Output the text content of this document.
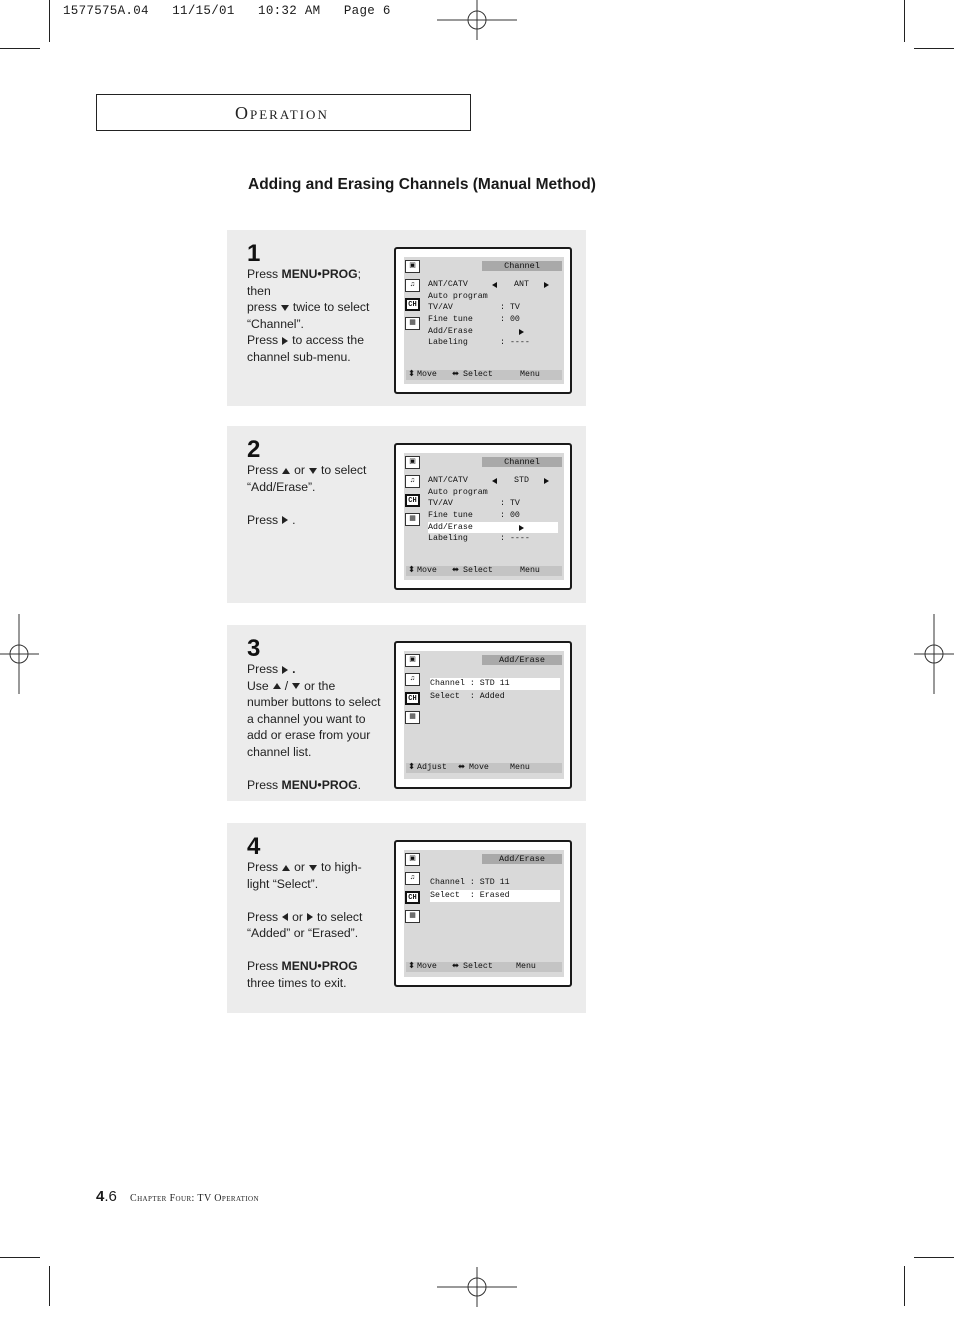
1577575A.04   11/15/01   10:32 AM   Page 6
Operation
Adding and Erasing Channels (Manual Method)
1

Press MENU•PROG; then

press twice to select

“Channel”.

Press to access the

channel sub-menu.

▣
♫
CH
▦
Channel
ANT/CATV	ANT
Auto program
TV/AV	: TV
Fine tune	: 00
Add/Erase
Labeling	: ----

⬍ Move

⬌ Select

	Menu

2

Press or to select

“Add/Erase”.

Press .

▣
♫
CH
▦
Channel
ANT/CATV	STD
Auto program
TV/AV	: TV
Fine tune	: 00
Add/Erase
Labeling	: ----

⬍ Move

⬌ Select

	Menu

3

Press .

Use / or the

number buttons to select

a channel you want to

add or erase from your

channel list.

Press MENU•PROG.

▣
♫
CH
▦
Add/Erase
Channel : STD 11
Select  : Added

⬍ Adjust

⬌ Move

	Menu

4

Press or to high-

light “Select”.

Press or to select

“Added” or “Erased”.

Press MENU•PROG

three times to exit.

▣
♫
CH
▦
Add/Erase
Channel : STD 11
Select  : Erased

⬍ Move

⬌ Select

	Menu

4.6 Chapter Four: TV Operation
